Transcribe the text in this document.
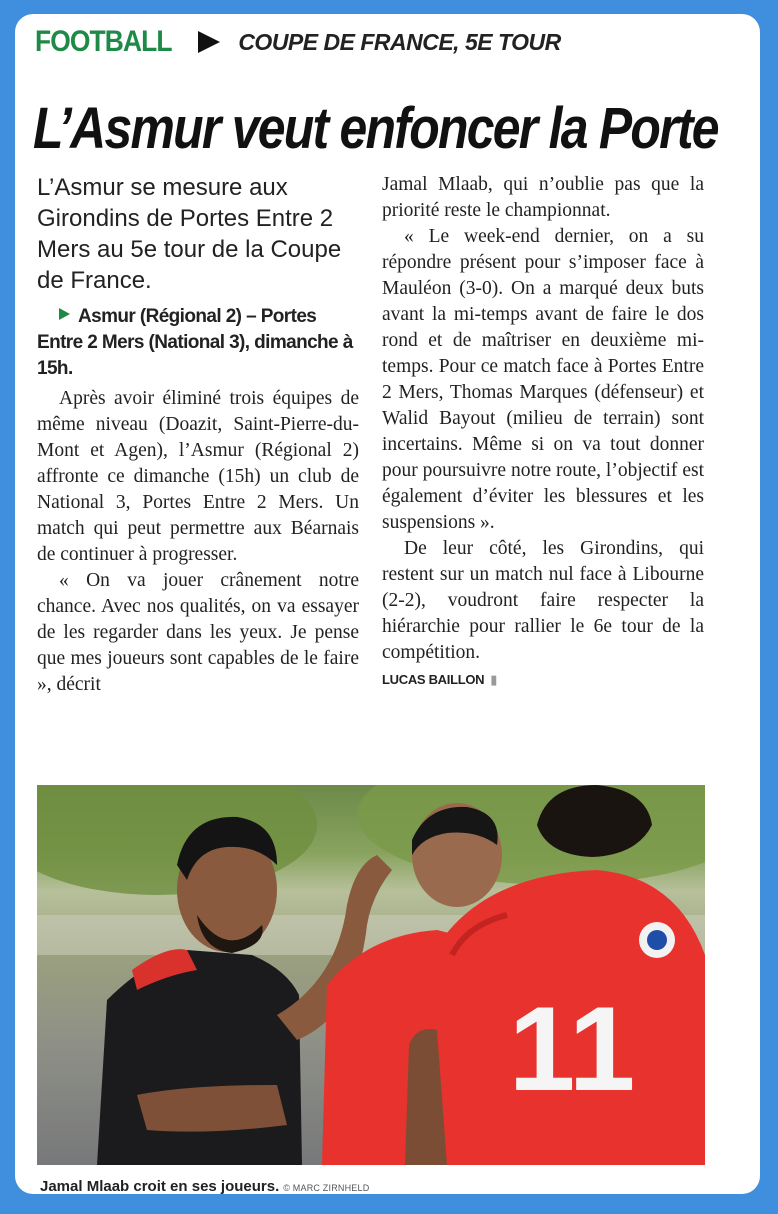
FOOTBALL	COUPE DE FRANCE, 5E TOUR
L’Asmur veut enfoncer la Porte

L’Asmur se mesure aux Girondins de Portes Entre 2 Mers au 5e tour de la Coupe de France.

Asmur (Régional 2) – Portes Entre 2 Mers (National 3), dimanche à 15h.

Après avoir éliminé trois équipes de même niveau (Doazit, Saint-Pierre-du-Mont et Agen), l’Asmur (Régional 2) affronte ce dimanche (15h) un club de National 3, Portes Entre 2 Mers. Un match qui peut permettre aux Béarnais de continuer à progresser.

« On va jouer crânement notre chance. Avec nos qualités, on va essayer de les regarder dans les yeux. Je pense que mes joueurs sont capables de le faire », décrit

Jamal Mlaab, qui n’oublie pas que la priorité reste le championnat.

« Le week-end dernier, on a su répondre présent pour s’imposer face à Mauléon (3-0). On a marqué deux buts avant la mi-temps avant de faire le dos rond et de maîtriser en deuxième mi-temps. Pour ce match face à Portes Entre 2 Mers, Thomas Marques (défenseur) et Walid Bayout (milieu de terrain) sont incertains. Même si on va tout donner pour poursuivre notre route, l’objectif est également d’éviter les blessures et les suspensions ».

De leur côté, les Girondins, qui restent sur un match nul face à Libourne (2-2), voudront faire respecter la hiérarchie pour rallier le 6e tour de la compétition.

LUCAS BAILLON ▮
11
Jamal Mlaab croit en ses joueurs. © MARC ZIRNHELD
